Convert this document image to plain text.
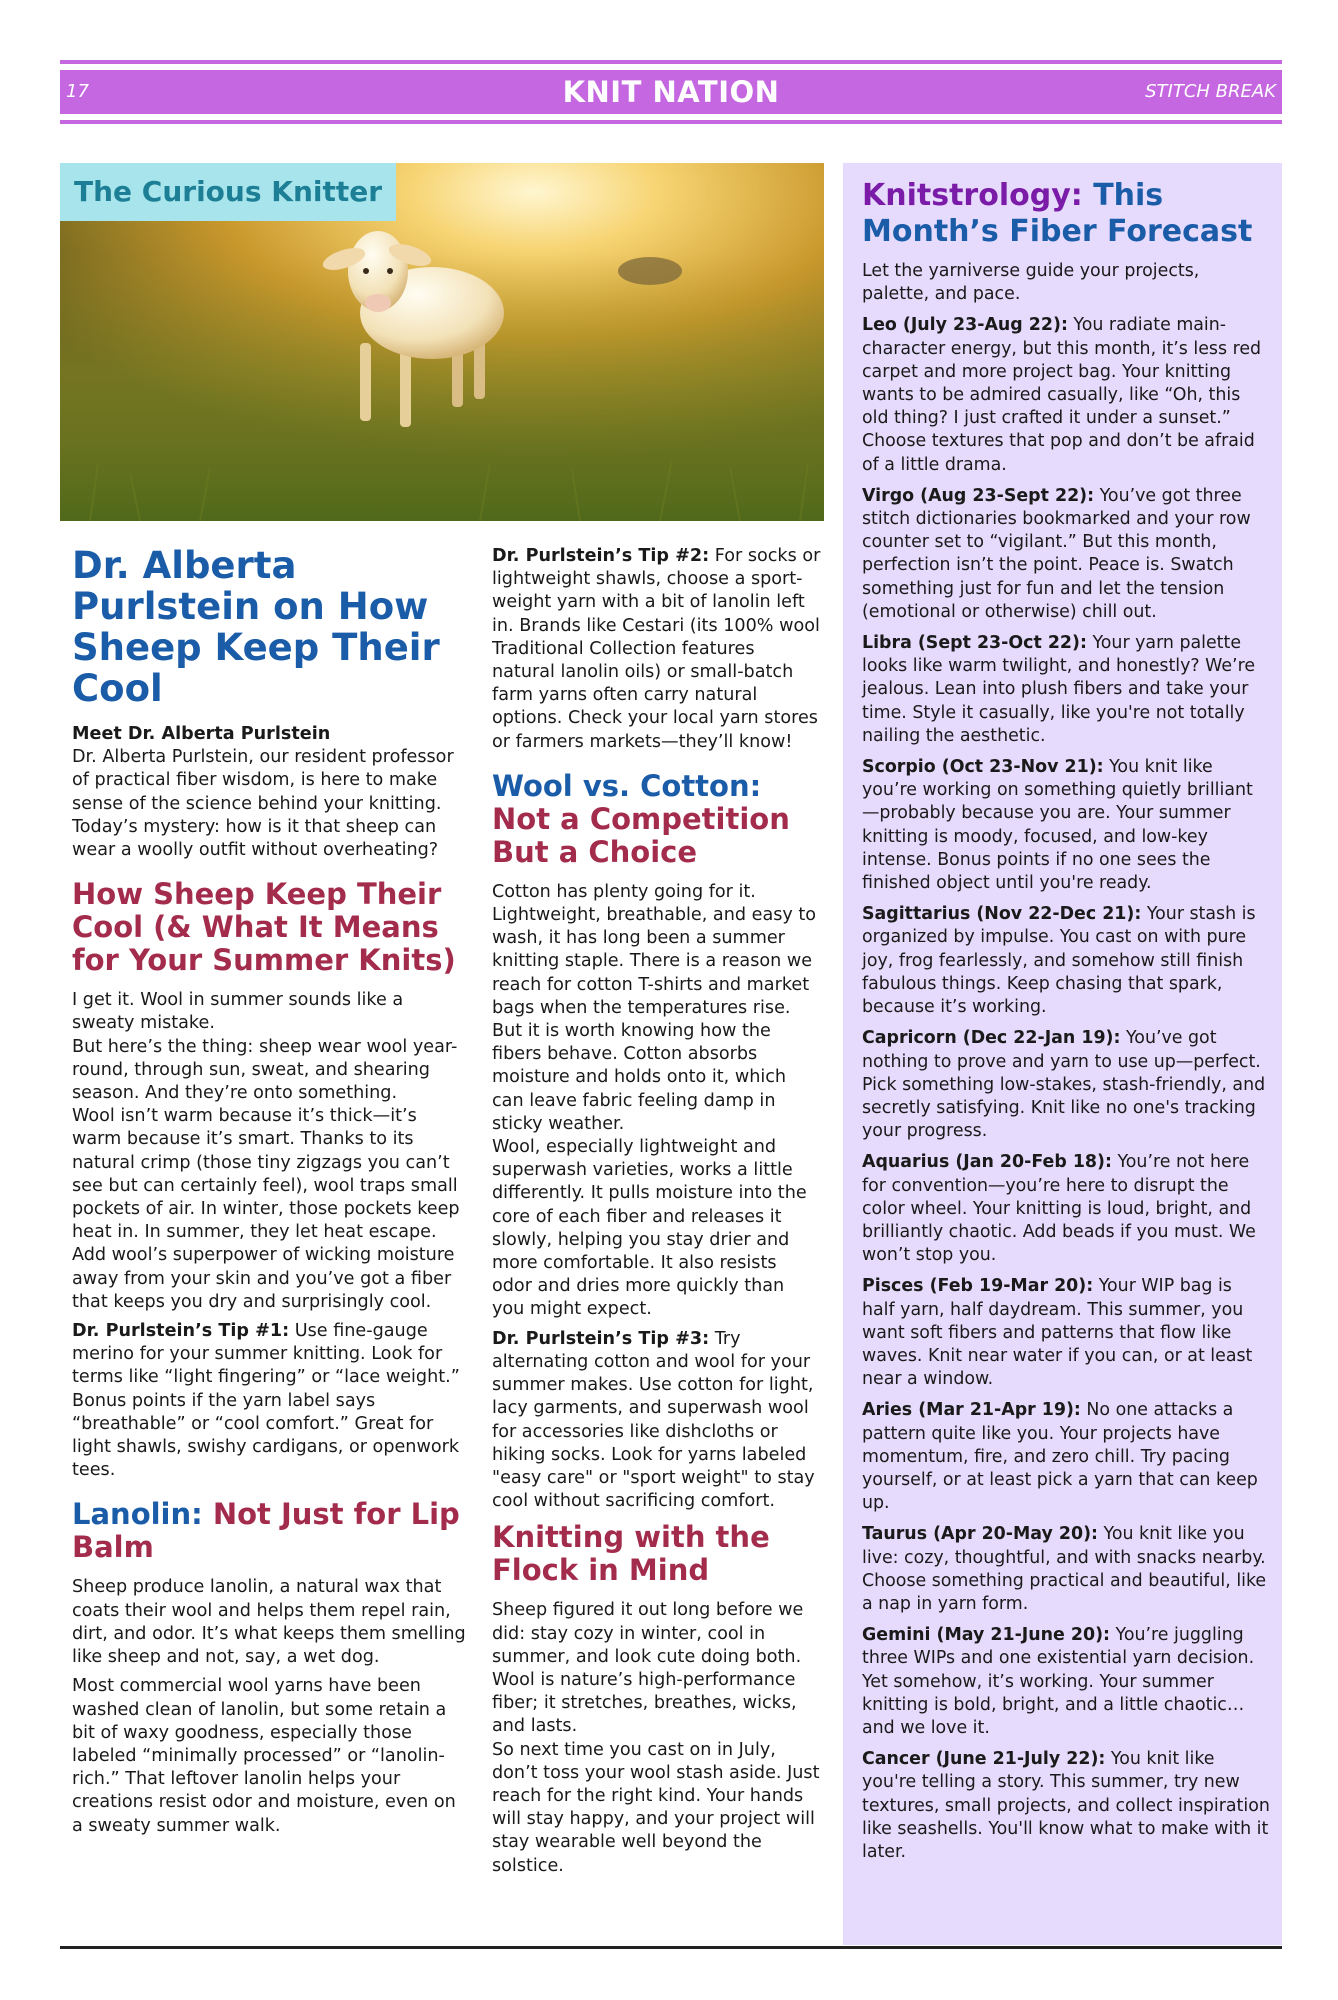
17	KNIT NATION	STITCH BREAK
The Curious Knitter
Dr. Alberta Purlstein on How Sheep Keep Their Cool

Meet Dr. Alberta Purlstein
Dr. Alberta Purlstein, our resident professor of practical fiber wisdom, is here to make sense of the science behind your knitting. Today’s mystery: how is it that sheep can wear a woolly outfit without overheating?

How Sheep Keep Their Cool (& What It Means for Your Summer Knits)

I get it. Wool in summer sounds like a sweaty mistake.

But here’s the thing: sheep wear wool year-round, through sun, sweat, and shearing season. And they’re onto something.

Wool isn’t warm because it’s thick—it’s warm because it’s smart. Thanks to its natural crimp (those tiny zigzags you can’t see but can certainly feel), wool traps small pockets of air. In winter, those pockets keep heat in. In summer, they let heat escape. Add wool’s superpower of wicking moisture away from your skin and you’ve got a fiber that keeps you dry and surprisingly cool.

Dr. Purlstein’s Tip #1: Use fine-gauge merino for your summer knitting. Look for terms like “light fingering” or “lace weight.” Bonus points if the yarn label says “breathable” or “cool comfort.” Great for light shawls, swishy cardigans, or openwork tees.

Lanolin: Not Just for Lip Balm

Sheep produce lanolin, a natural wax that coats their wool and helps them repel rain, dirt, and odor. It’s what keeps them smelling like sheep and not, say, a wet dog.

Most commercial wool yarns have been washed clean of lanolin, but some retain a bit of waxy goodness, especially those labeled “minimally processed” or “lanolin-rich.” That leftover lanolin helps your creations resist odor and moisture, even on a sweaty summer walk.

Dr. Purlstein’s Tip #2: For socks or lightweight shawls, choose a sport-weight yarn with a bit of lanolin left in. Brands like Cestari (its 100% wool Traditional Collection features natural lanolin oils) or small-batch farm yarns often carry natural options. Check your local yarn stores or farmers markets—they’ll know!

Wool vs. Cotton: Not a Competition But a Choice

Cotton has plenty going for it. Lightweight, breathable, and easy to wash, it has long been a summer knitting staple. There is a reason we reach for cotton T-shirts and market bags when the temperatures rise.

But it is worth knowing how the fibers behave. Cotton absorbs moisture and holds onto it, which can leave fabric feeling damp in sticky weather.

Wool, especially lightweight and superwash varieties, works a little differently. It pulls moisture into the core of each fiber and releases it slowly, helping you stay drier and more comfortable. It also resists odor and dries more quickly than you might expect.

Dr. Purlstein’s Tip #3: Try alternating cotton and wool for your summer makes. Use cotton for light, lacy garments, and superwash wool for accessories like dishcloths or hiking socks. Look for yarns labeled "easy care" or "sport weight" to stay cool without sacrificing comfort.

Knitting with the Flock in Mind

Sheep figured it out long before we did: stay cozy in winter, cool in summer, and look cute doing both. Wool is nature’s high-performance fiber; it stretches, breathes, wicks, and lasts.

So next time you cast on in July, don’t toss your wool stash aside. Just reach for the right kind. Your hands will stay happy, and your project will stay wearable well beyond the solstice.

Knitstrology: This Month’s Fiber Forecast

Let the yarniverse guide your projects, palette, and pace.

Leo (July 23-Aug 22): You radiate main-character energy, but this month, it’s less red carpet and more project bag. Your knitting wants to be admired casually, like “Oh, this old thing? I just crafted it under a sunset.” Choose textures that pop and don’t be afraid of a little drama.

Virgo (Aug 23-Sept 22): You’ve got three stitch dictionaries bookmarked and your row counter set to “vigilant.” But this month, perfection isn’t the point. Peace is. Swatch something just for fun and let the tension (emotional or otherwise) chill out.

Libra (Sept 23-Oct 22): Your yarn palette looks like warm twilight, and honestly? We’re jealous. Lean into plush fibers and take your time. Style it casually, like you're not totally nailing the aesthetic.

Scorpio (Oct 23-Nov 21): You knit like you’re working on something quietly brilliant—probably because you are. Your summer knitting is moody, focused, and low-key intense. Bonus points if no one sees the finished object until you're ready.

Sagittarius (Nov 22-Dec 21): Your stash is organized by impulse. You cast on with pure joy, frog fearlessly, and somehow still finish fabulous things. Keep chasing that spark, because it’s working.

Capricorn (Dec 22-Jan 19): You’ve got nothing to prove and yarn to use up—perfect. Pick something low-stakes, stash-friendly, and secretly satisfying. Knit like no one's tracking your progress.

Aquarius (Jan 20-Feb 18): You’re not here for convention—you’re here to disrupt the color wheel. Your knitting is loud, bright, and brilliantly chaotic. Add beads if you must. We won’t stop you.

Pisces (Feb 19-Mar 20): Your WIP bag is half yarn, half daydream. This summer, you want soft fibers and patterns that flow like waves. Knit near water if you can, or at least near a window.

Aries (Mar 21-Apr 19): No one attacks a pattern quite like you. Your projects have momentum, fire, and zero chill. Try pacing yourself, or at least pick a yarn that can keep up.

Taurus (Apr 20-May 20): You knit like you live: cozy, thoughtful, and with snacks nearby. Choose something practical and beautiful, like a nap in yarn form.

Gemini (May 21-June 20): You’re juggling three WIPs and one existential yarn decision. Yet somehow, it’s working. Your summer knitting is bold, bright, and a little chaotic… and we love it.

Cancer (June 21-July 22): You knit like you're telling a story. This summer, try new textures, small projects, and collect inspiration like seashells. You'll know what to make with it later.
